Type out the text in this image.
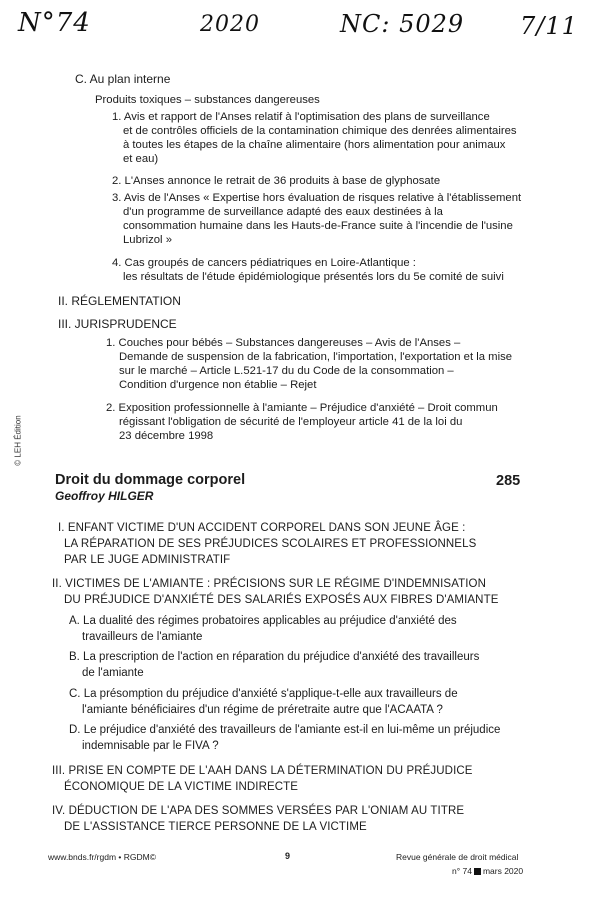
N°74	2020	NC: 5029 7/11
© LEH Édition
C. Au plan interne
Produits toxiques – substances dangereuses
1. Avis et rapport de l'Anses relatif à l'optimisation des plans de surveillance
et de contrôles officiels de la contamination chimique des denrées alimentaires
à toutes les étapes de la chaîne alimentaire (hors alimentation pour animaux
et eau)
2. L'Anses annonce le retrait de 36 produits à base de glyphosate
3. Avis de l'Anses « Expertise hors évaluation de risques relative à l'établissement
d'un programme de surveillance adapté des eaux destinées à la
consommation humaine dans les Hauts-de-France suite à l'incendie de l'usine
Lubrizol »
4. Cas groupés de cancers pédiatriques en Loire-Atlantique :
les résultats de l'étude épidémiologique présentés lors du 5e comité de suivi
II. RÉGLEMENTATION
III. JURISPRUDENCE
1. Couches pour bébés – Substances dangereuses – Avis de l'Anses –
Demande de suspension de la fabrication, l'importation, l'exportation et la mise
sur le marché – Article L.521-17 du du Code de la consommation –
Condition d'urgence non établie – Rejet
2. Exposition professionnelle à l'amiante – Préjudice d'anxiété – Droit commun
régissant l'obligation de sécurité de l'employeur article 41 de la loi du
23 décembre 1998
Droit du dommage corporel
Geoffroy HILGER
285
I. ENFANT VICTIME D'UN ACCIDENT CORPOREL DANS SON JEUNE ÂGE :
LA RÉPARATION DE SES PRÉJUDICES SCOLAIRES ET PROFESSIONNELS
PAR LE JUGE ADMINISTRATIF
II. VICTIMES DE L'AMIANTE : PRÉCISIONS SUR LE RÉGIME D'INDEMNISATION
DU PRÉJUDICE D'ANXIÉTÉ DES SALARIÉS EXPOSÉS AUX FIBRES D'AMIANTE
A. La dualité des régimes probatoires applicables au préjudice d'anxiété des
travailleurs de l'amiante
B. La prescription de l'action en réparation du préjudice d'anxiété des travailleurs
de l'amiante
C. La présomption du préjudice d'anxiété s'applique-t-elle aux travailleurs de
l'amiante bénéficiaires d'un régime de préretraite autre que l'ACAATA ?
D. Le préjudice d'anxiété des travailleurs de l'amiante est-il en lui-même un préjudice
indemnisable par le FIVA ?
III. PRISE EN COMPTE DE L'AAH DANS LA DÉTERMINATION DU PRÉJUDICE
ÉCONOMIQUE DE LA VICTIME INDIRECTE
IV. DÉDUCTION DE L'APA DES SOMMES VERSÉES PAR L'ONIAM AU TITRE
DE L'ASSISTANCE TIERCE PERSONNE DE LA VICTIME
www.bnds.fr/rgdm • RGDM©	9	Revue générale de droit médical
n° 74 mars 2020
